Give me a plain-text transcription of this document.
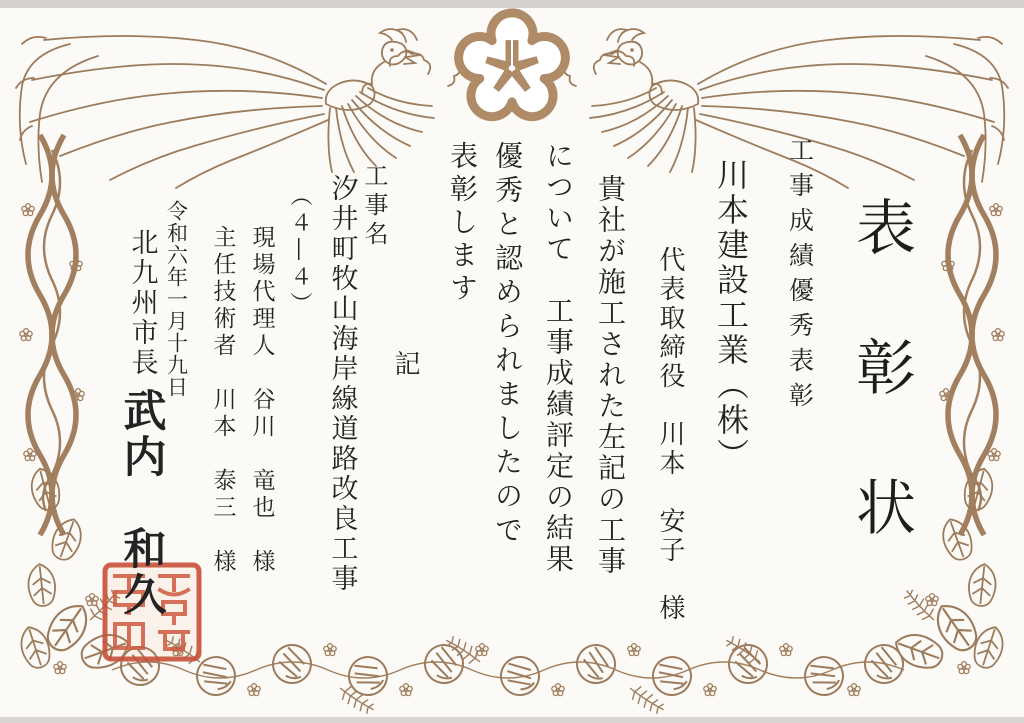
工事成績優秀表彰 表　彰　状
川本建設工業（株）
代表取締役　川本　安子　様
貴社が施工された左記の工事
について　工事成績評定の結果
優秀と認められましたので
表彰します
記
工事名
汐井町牧山海岸線道路改良工事
（４―４）
現場代理人　谷川　竜也　様
主任技術者　川本　泰三　様
令和六年一月十九日
北九州市長武内　和久
